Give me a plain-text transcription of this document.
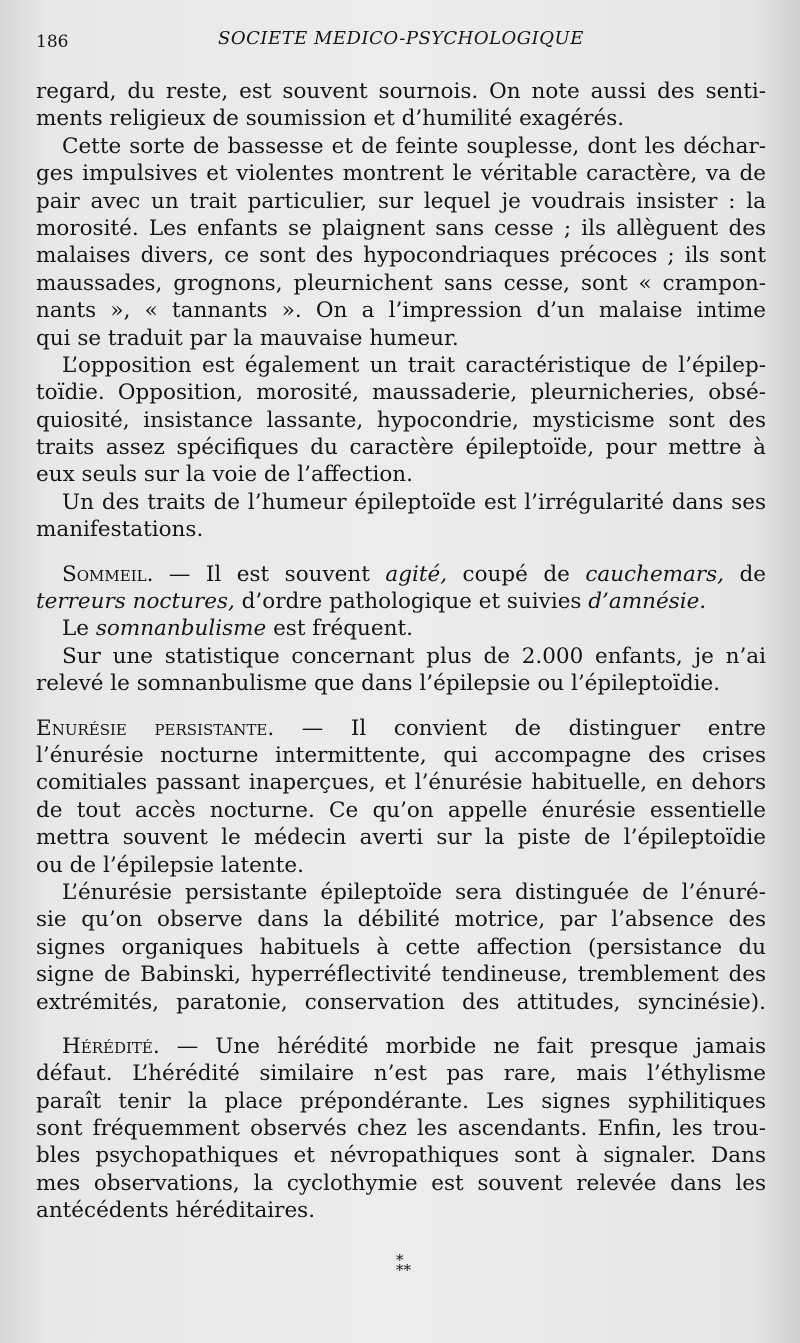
186	SOCIETE MEDICO-PSYCHOLOGIQUE
regard, du reste, est souvent sournois. On note aussi des senti-
ments religieux de soumission et d’humilité exagérés.
Cette sorte de bassesse et de feinte souplesse, dont les déchar-
ges impulsives et violentes montrent le véritable caractère, va de
pair avec un trait particulier, sur lequel je voudrais insister : la
morosité. Les enfants se plaignent sans cesse ; ils allèguent des
malaises divers, ce sont des hypocondriaques précoces ; ils sont
maussades, grognons, pleurnichent sans cesse, sont « crampon-
nants », « tannants ». On a l’impression d’un malaise intime
qui se traduit par la mauvaise humeur.
L’opposition est également un trait caractéristique de l’épilep-
toïdie. Opposition, morosité, maussaderie, pleurnicheries, obsé-
quiosité, insistance lassante, hypocondrie, mysticisme sont des
traits assez spécifiques du caractère épileptoïde, pour mettre à
eux seuls sur la voie de l’affection.
Un des traits de l’humeur épileptoïde est l’irrégularité dans ses
manifestations.
Sommeil. — Il est souvent agité, coupé de cauchemars, de
terreurs noctures, d’ordre pathologique et suivies d’amnésie.
Le somnanbulisme est fréquent.
Sur une statistique concernant plus de 2.000 enfants, je n’ai
relevé le somnanbulisme que dans l’épilepsie ou l’épileptoïdie.
Enurésie persistante. — Il convient de distinguer entre
l’énurésie nocturne intermittente, qui accompagne des crises
comitiales passant inaperçues, et l’énurésie habituelle, en dehors
de tout accès nocturne. Ce qu’on appelle énurésie essentielle
mettra souvent le médecin averti sur la piste de l’épileptoïdie
ou de l’épilepsie latente.
L’énurésie persistante épileptoïde sera distinguée de l’énuré-
sie qu’on observe dans la débilité motrice, par l’absence des
signes organiques habituels à cette affection (persistance du
signe de Babinski, hyperréflectivité tendineuse, tremblement des
extrémités, paratonie, conservation des attitudes, syncinésie).
Hérédité. — Une hérédité morbide ne fait presque jamais
défaut. L’hérédité similaire n’est pas rare, mais l’éthylisme
paraît tenir la place prépondérante. Les signes syphilitiques
sont fréquemment observés chez les ascendants. Enfin, les trou-
bles psychopathiques et névropathiques sont à signaler. Dans
mes observations, la cyclothymie est souvent relevée dans les
antécédents héréditaires.
*
**
